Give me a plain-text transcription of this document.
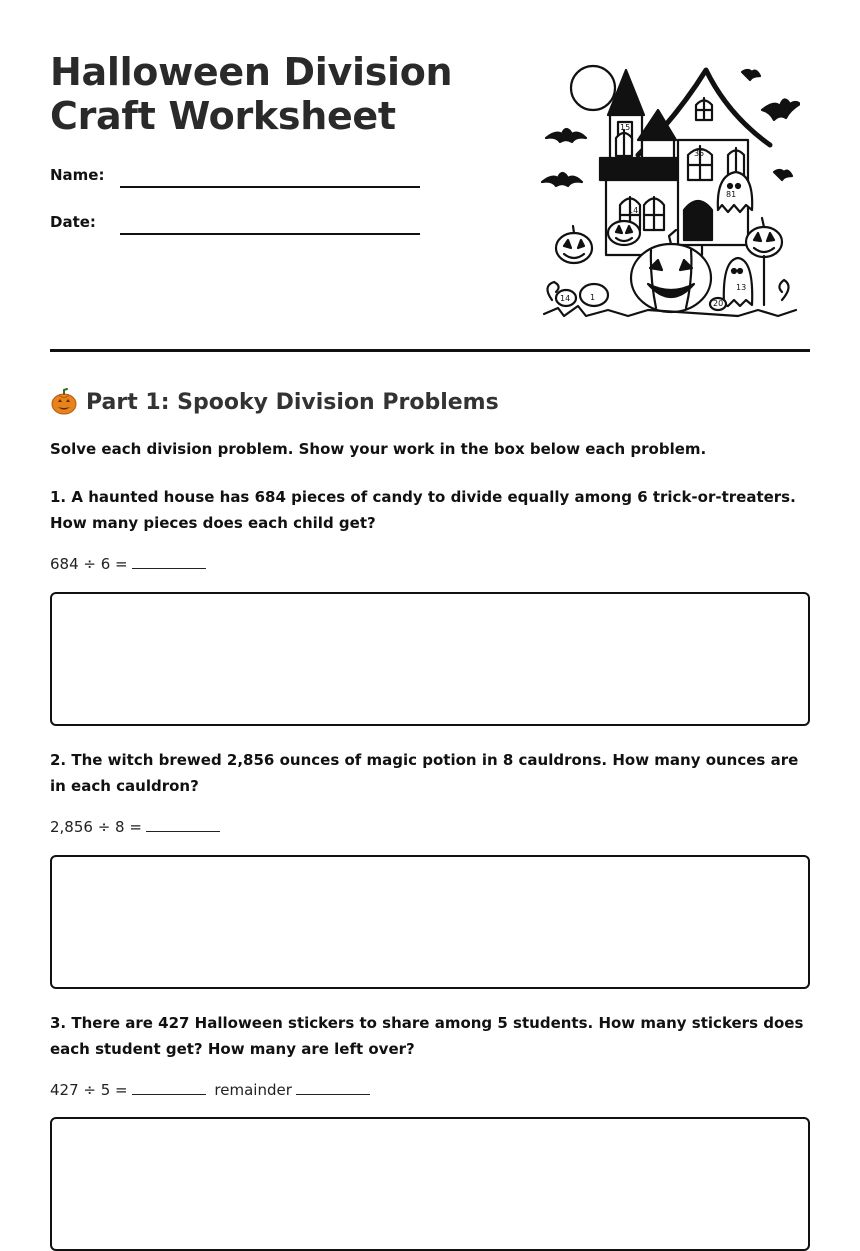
Halloween Division
Craft Worksheet
Name:
Date:
15
35
81
14
13
1
20
14
Part 1: Spooky Division Problems

Solve each division problem. Show your work in the box below each problem.

1. A haunted house has 684 pieces of candy to divide equally among 6 trick-or-treaters. How many pieces does each child get?

684 ÷ 6 =

2. The witch brewed 2,856 ounces of magic potion in 8 cauldrons. How many ounces are in each cauldron?

2,856 ÷ 8 =

3. There are 427 Halloween stickers to share among 5 students. How many stickers does each student get? How many are left over?

427 ÷ 5 =	remainder
